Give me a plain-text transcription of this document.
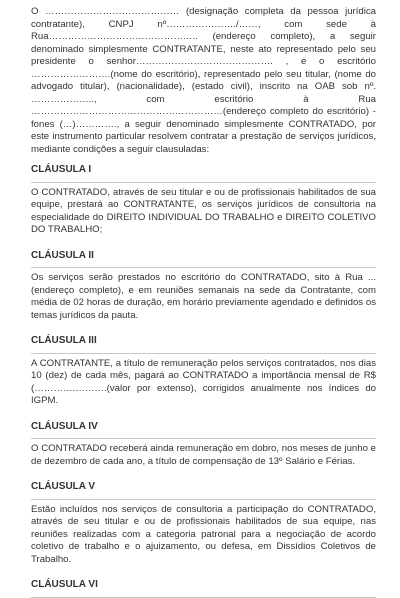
O …………………………………… (designação completa da pessoa jurídica contratante), CNPJ nº…………………./……, com sede à Rua……………………………………….. (endereço completo), a seguir denominado simplesmente CONTRATANTE, neste ato representado pelo seu presidente o senhor……………………………………. , e o escritório …………………….(nome do escritório), representado pelo seu titular, (nome do advogado titular), (nacionalidade), (estado civil), inscrito na OAB sob nº. ……………….., com escritório à Rua ……………………………………………………(endereço completo do escritório) - fones (…)…………., a seguir denominado simplesmente CONTRATADO, por este instrumento particular resolvem contratar a prestação de serviços jurídicos, mediante condições a seguir clausuladas:

CLÁUSULA I

O CONTRATADO, através de seu titular e ou de profissionais habilitados de sua equipe, prestará ao CONTRATANTE, os serviços jurídicos de consultoria na especialidade do DIREITO INDIVIDUAL DO TRABALHO e DIREITO COLETIVO DO TRABALHO;

CLÁUSULA II

Os serviços serão prestados no escritório do CONTRATADO, sito à Rua ... (endereço completo), e em reuniões semanais na sede da Contratante, com média de 02 horas de duração, em horário previamente agendado e definidos os temas jurídicos da pauta.

CLÁUSULA III

A CONTRATANTE, a título de remuneração pelos serviços contratados, nos dias 10 (dez) de cada mês, pagará ao CONTRATADO a importância mensal de R$ (………….……….(valor por extenso), corrigidos anualmente nos índices do IGPM.

CLÁUSULA IV

O CONTRATADO receberá ainda remuneração em dobro, nos meses de junho e de dezembro de cada ano, a título de compensação de 13º Salário e Férias.

CLÁUSULA V

Estão incluídos nos serviços de consultoria a participação do CONTRATADO, através de seu titular e ou de profissionais habilitados de sua equipe, nas reuniões realizadas com a categoria patronal para a negociação de acordo coletivo de trabalho e o ajuizamento, ou defesa, em Dissídios Coletivos de Trabalho.

CLÁUSULA VI
